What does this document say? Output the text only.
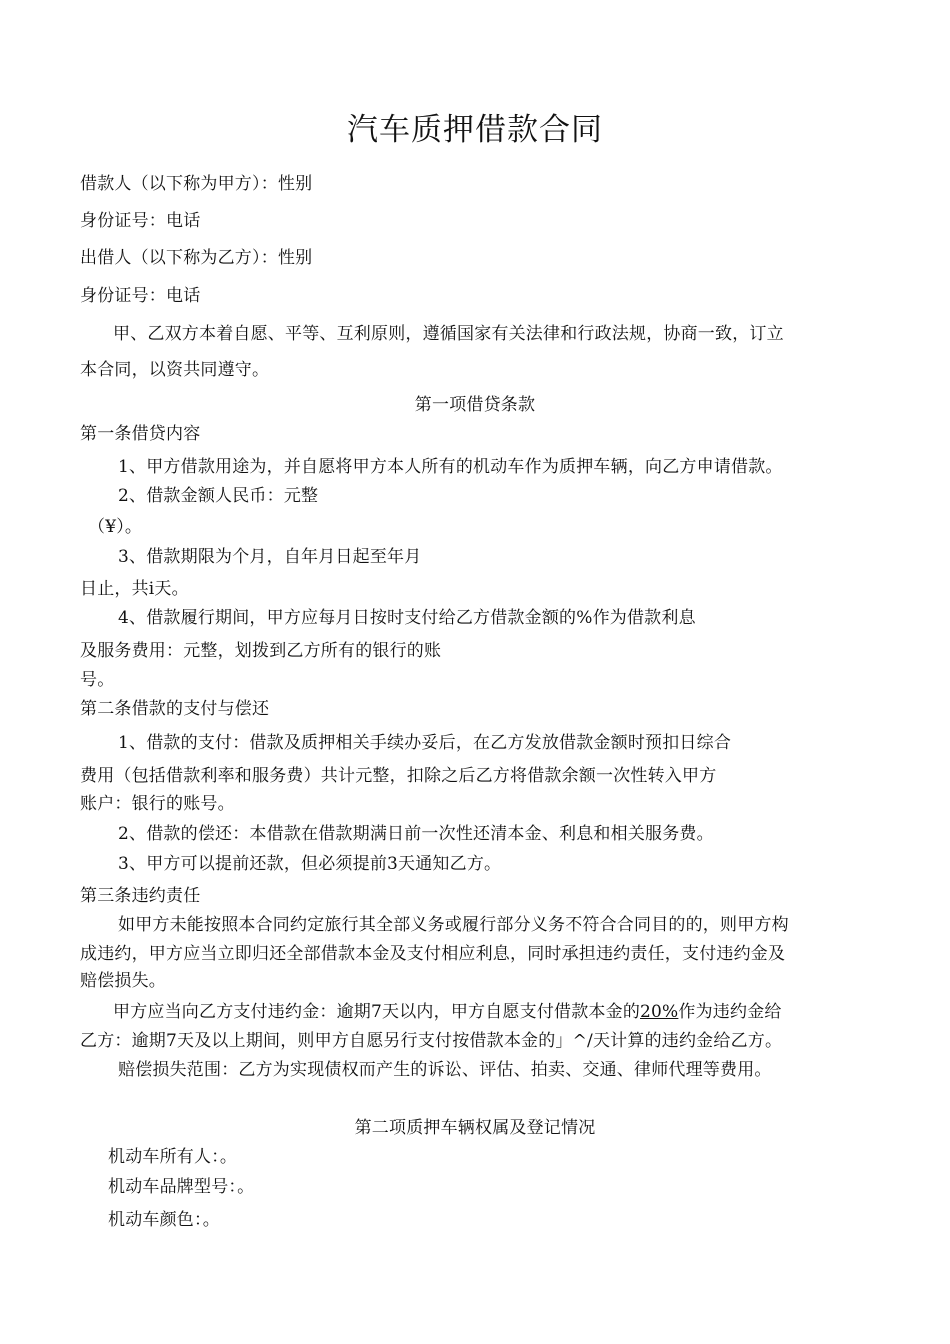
汽车质押借款合同
借款人（以下称为甲方）：性别
身份证号：电话
出借人（以下称为乙方）：性别
身份证号：电话
甲、乙双方本着自愿、平等、互利原则，遵循国家有关法律和行政法规，协商一致，订立
本合同，以资共同遵守。
第一项借贷条款
第一条借贷内容
1、甲方借款用途为，并自愿将甲方本人所有的机动车作为质押车辆，向乙方申请借款。
2、借款金额人民币：元整
（¥）。
3、借款期限为个月，自年月日起至年月
日止，共i天。
4、借款履行期间，甲方应每月日按时支付给乙方借款金额的%作为借款利息
及服务费用：元整，划拨到乙方所有的银行的账
号。
第二条借款的支付与偿还
1、借款的支付：借款及质押相关手续办妥后，在乙方发放借款金额时预扣日综合
费用（包括借款利率和服务费）共计元整，扣除之后乙方将借款余额一次性转入甲方
账户：银行的账号。
2、借款的偿还：本借款在借款期满日前一次性还清本金、利息和相关服务费。
3、甲方可以提前还款，但必须提前3天通知乙方。
第三条违约责任
如甲方未能按照本合同约定旅行其全部义务或履行部分义务不符合合同目的的，则甲方构
成违约，甲方应当立即归还全部借款本金及支付相应利息，同时承担违约责任，支付违约金及
赔偿损失。
甲方应当向乙方支付违约金：逾期7天以内，甲方自愿支付借款本金的20%作为违约金给
乙方：逾期7天及以上期间，则甲方自愿另行支付按借款本金的」^/天计算的违约金给乙方。
赔偿损失范围：乙方为实现债权而产生的诉讼、评估、拍卖、交通、律师代理等费用。
第二项质押车辆权属及登记情况
机动车所有人：。
机动车品牌型号：。
机动车颜色：。
